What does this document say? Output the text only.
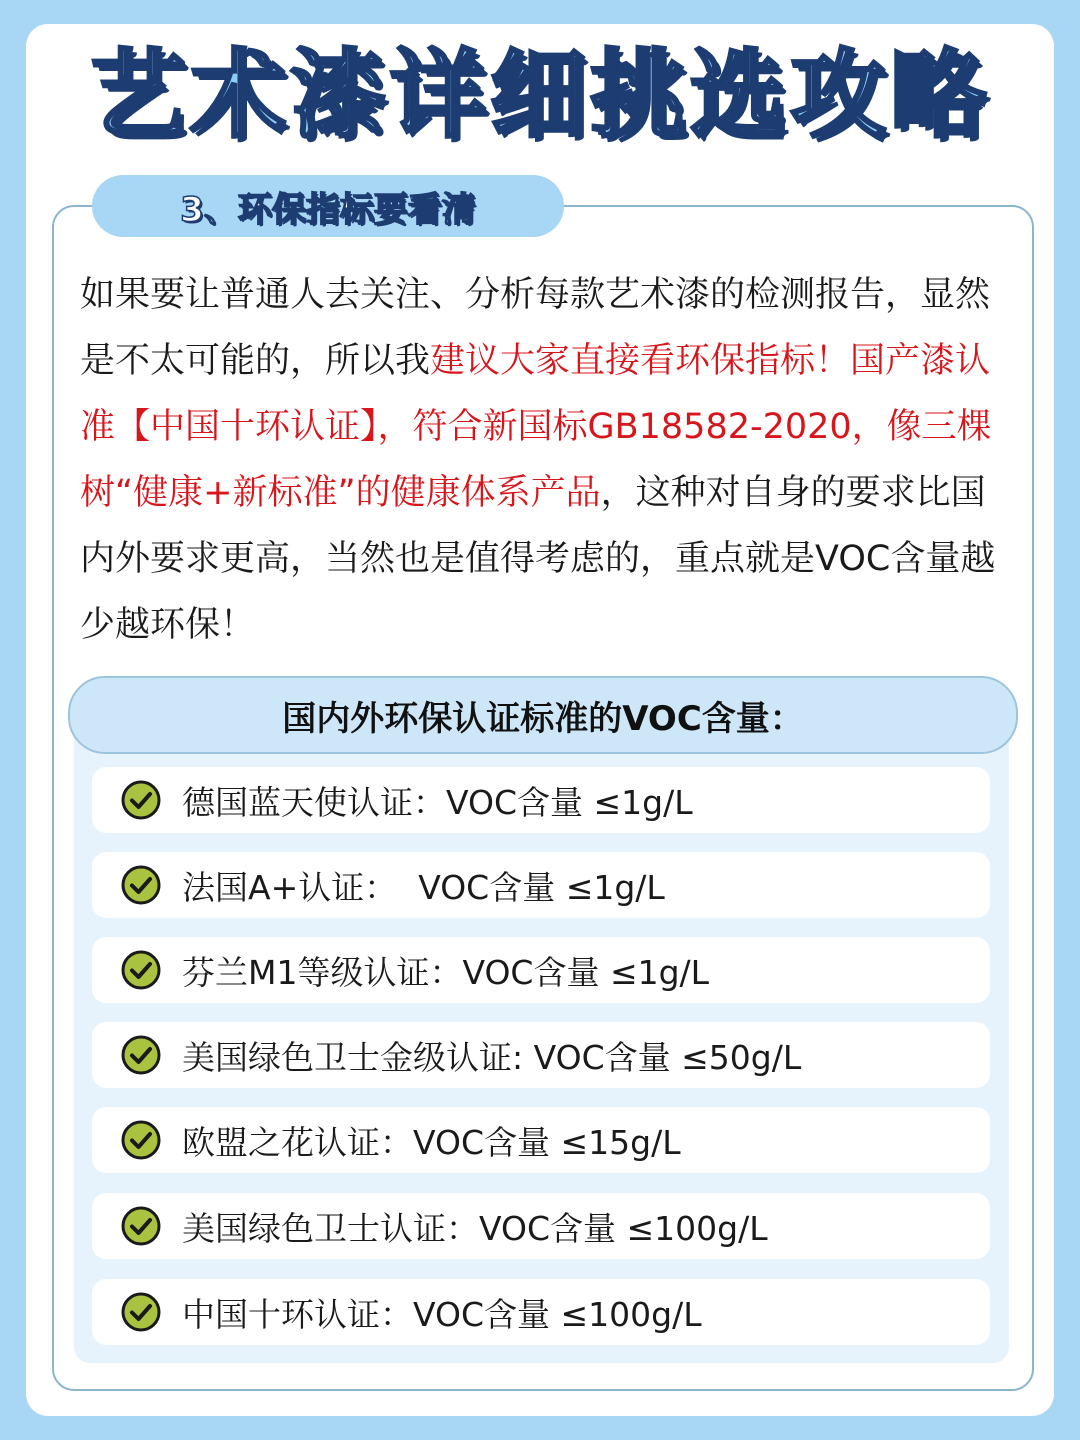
艺术漆详细挑选攻略
3、环保指标要看清

如果要让普通人去关注、分析每款艺术漆的检测报告，显然是不太可能的，所以我建议大家直接看环保指标！国产漆认准【中国十环认证】，符合新国标GB18582-2020，像三棵树“健康+新标准”的健康体系产品，这种对自身的要求比国内外要求更高，当然也是值得考虑的，重点就是VOC含量越少越环保！

国内外环保认证标准的VOC含量：
德国蓝天使认证：VOC含量 ≤1g/L
法国A+认证：  VOC含量 ≤1g/L
芬兰M1等级认证：VOC含量 ≤1g/L
美国绿色卫士金级认证: VOC含量 ≤50g/L
欧盟之花认证：VOC含量 ≤15g/L
美国绿色卫士认证：VOC含量 ≤100g/L
中国十环认证：VOC含量 ≤100g/L
